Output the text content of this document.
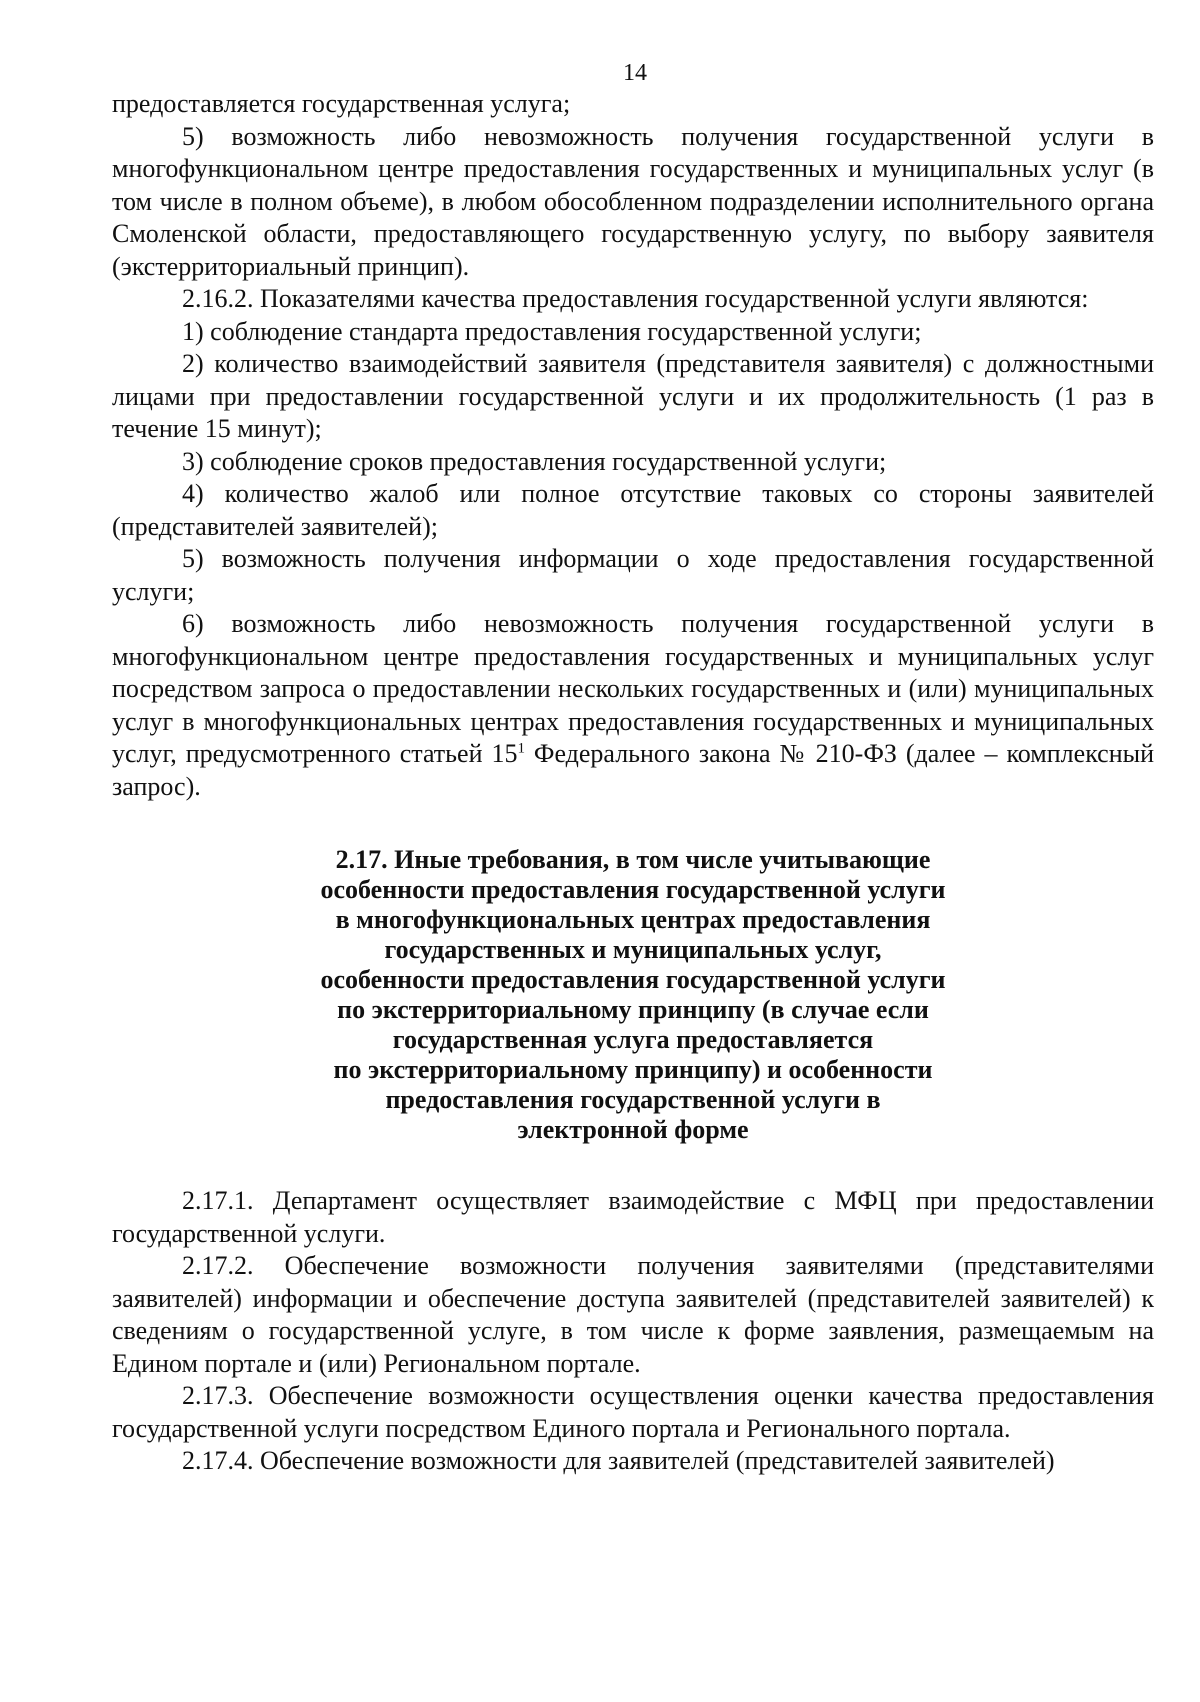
14

предоставляется государственная услуга;

5) возможность либо невозможность получения государственной услуги в многофункциональном центре предоставления государственных и муниципальных услуг (в том числе в полном объеме), в любом обособленном подразделении исполнительного органа Смоленской области, предоставляющего государственную услугу, по выбору заявителя (экстерриториальный принцип).

2.16.2. Показателями качества предоставления государственной услуги являются:

1) соблюдение стандарта предоставления государственной услуги;

2) количество взаимодействий заявителя (представителя заявителя) с должностными лицами при предоставлении государственной услуги и их продолжительность (1 раз в течение 15 минут);

3) соблюдение сроков предоставления государственной услуги;

4) количество жалоб или полное отсутствие таковых со стороны заявителей (представителей заявителей);

5) возможность получения информации о ходе предоставления государственной услуги;

6) возможность либо невозможность получения государственной услуги в многофункциональном центре предоставления государственных и муниципальных услуг посредством запроса о предоставлении нескольких государственных и (или) муниципальных услуг в многофункциональных центрах предоставления государственных и муниципальных услуг, предусмотренного статьей $15^1$ Федерального закона № 210-ФЗ (далее – комплексный запрос).

2.17. Иные требования, в том числе учитывающие
особенности предоставления государственной услуги
в многофункциональных центрах предоставления
государственных и муниципальных услуг,
особенности предоставления государственной услуги
по экстерриториальному принципу (в случае если
государственная услуга предоставляется
по экстерриториальному принципу) и особенности
предоставления государственной услуги в
электронной форме

2.17.1. Департамент осуществляет взаимодействие с МФЦ при предоставлении государственной услуги.

2.17.2. Обеспечение возможности получения заявителями (представителями заявителей) информации и обеспечение доступа заявителей (представителей заявителей) к сведениям о государственной услуге, в том числе к форме заявления, размещаемым на Едином портале и (или) Региональном портале.

2.17.3. Обеспечение возможности осуществления оценки качества предоставления государственной услуги посредством Единого портала и Регионального портала.

2.17.4. Обеспечение возможности для заявителей (представителей заявителей)
